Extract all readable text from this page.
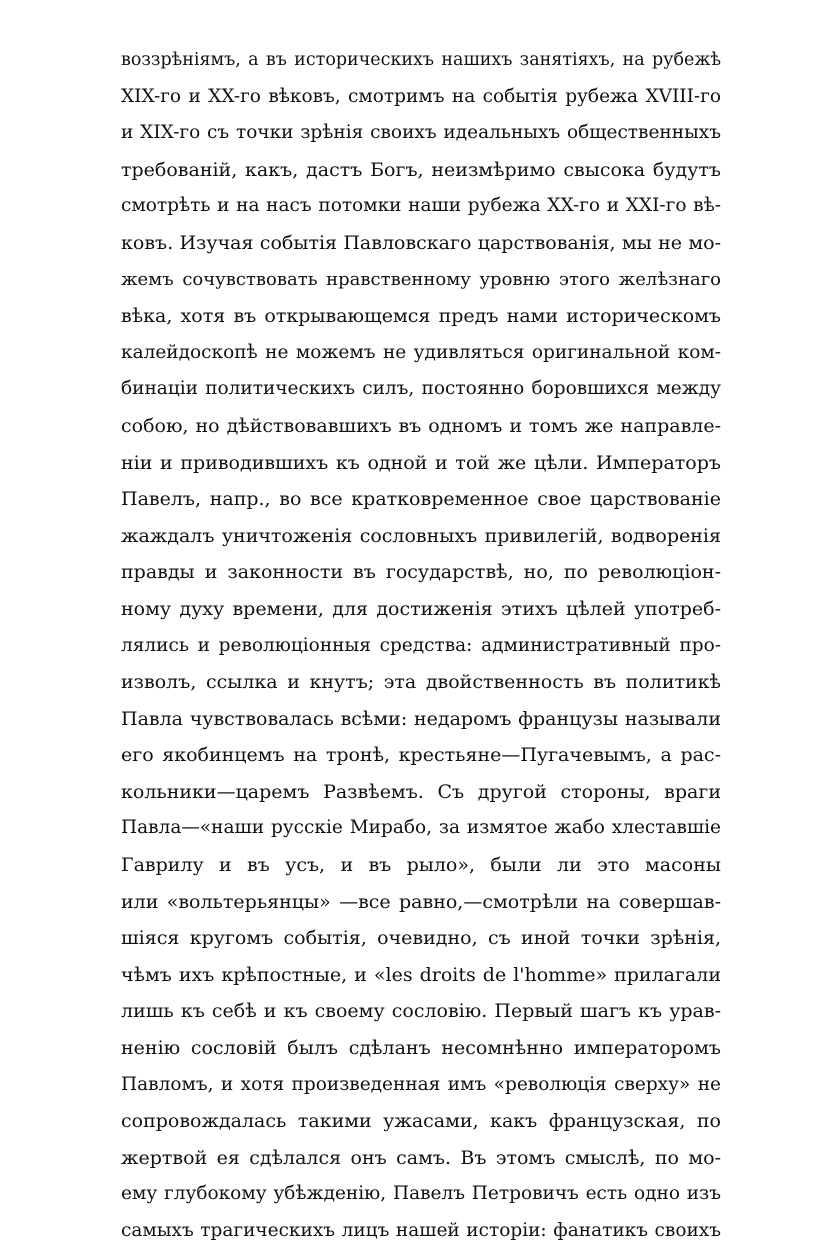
воззрѣніямъ, а въ историческихъ нашихъ занятіяхъ, на рубежѣ
XIX-го и XX-го вѣковъ, смотримъ на событія рубежа XVIII-го
и XIX-го съ точки зрѣнія своихъ идеальныхъ общественныхъ
требованій, какъ, дастъ Богъ, неизмѣримо свысока будутъ
смотрѣть и на насъ потомки наши рубежа XX-го и XXI-го вѣ-
ковъ. Изучая событія Павловскаго царствованія, мы не мо-
жемъ сочувствовать нравственному уровню этого желѣзнаго
вѣка, хотя въ открывающемся предъ нами историческомъ
калейдоскопѣ не можемъ не удивляться оригинальной ком-
бинаціи политическихъ силъ, постоянно боровшихся между
собою, но дѣйствовавшихъ въ одномъ и томъ же направле-
ніи и приводившихъ къ одной и той же цѣли. Императоръ
Павелъ, напр., во все кратковременное свое царствованіе
жаждалъ уничтоженія сословныхъ привилегій, водворенія
правды и законности въ государствѣ, но, по революціон-
ному духу времени, для достиженія этихъ цѣлей употреб-
лялись и революціонныя средства: административный про-
изволъ, ссылка и кнутъ; эта двойственность въ политикѣ
Павла чувствовалась всѣми: недаромъ французы называли
его якобинцемъ на тронѣ, крестьяне—Пугачевымъ, а рас-
кольники—царемъ Развѣемъ. Съ другой стороны, враги
Павла—«наши русскіе Мирабо, за измятое жабо хлеставшіе
Гаврилу и въ усъ, и въ рыло», были ли это масоны
или «вольтерьянцы» —все равно,—смотрѣли на совершав-
шіяся кругомъ событія, очевидно, съ иной точки зрѣнія,
чѣмъ ихъ крѣпостные, и «les droits de l'homme» прилагали
лишь къ себѣ и къ своему сословію. Первый шагъ къ урав-
ненію сословій былъ сдѣланъ несомнѣнно императоромъ
Павломъ, и хотя произведенная имъ «революція сверху» не
сопровождалась такими ужасами, какъ французская, по
жертвой ея сдѣлался онъ самъ. Въ этомъ смыслѣ, по мо-
ему глубокому убѣжденію, Павелъ Петровичъ есть одно изъ
самыхъ трагическихъ лицъ нашей исторіи: фанатикъ своихъ
